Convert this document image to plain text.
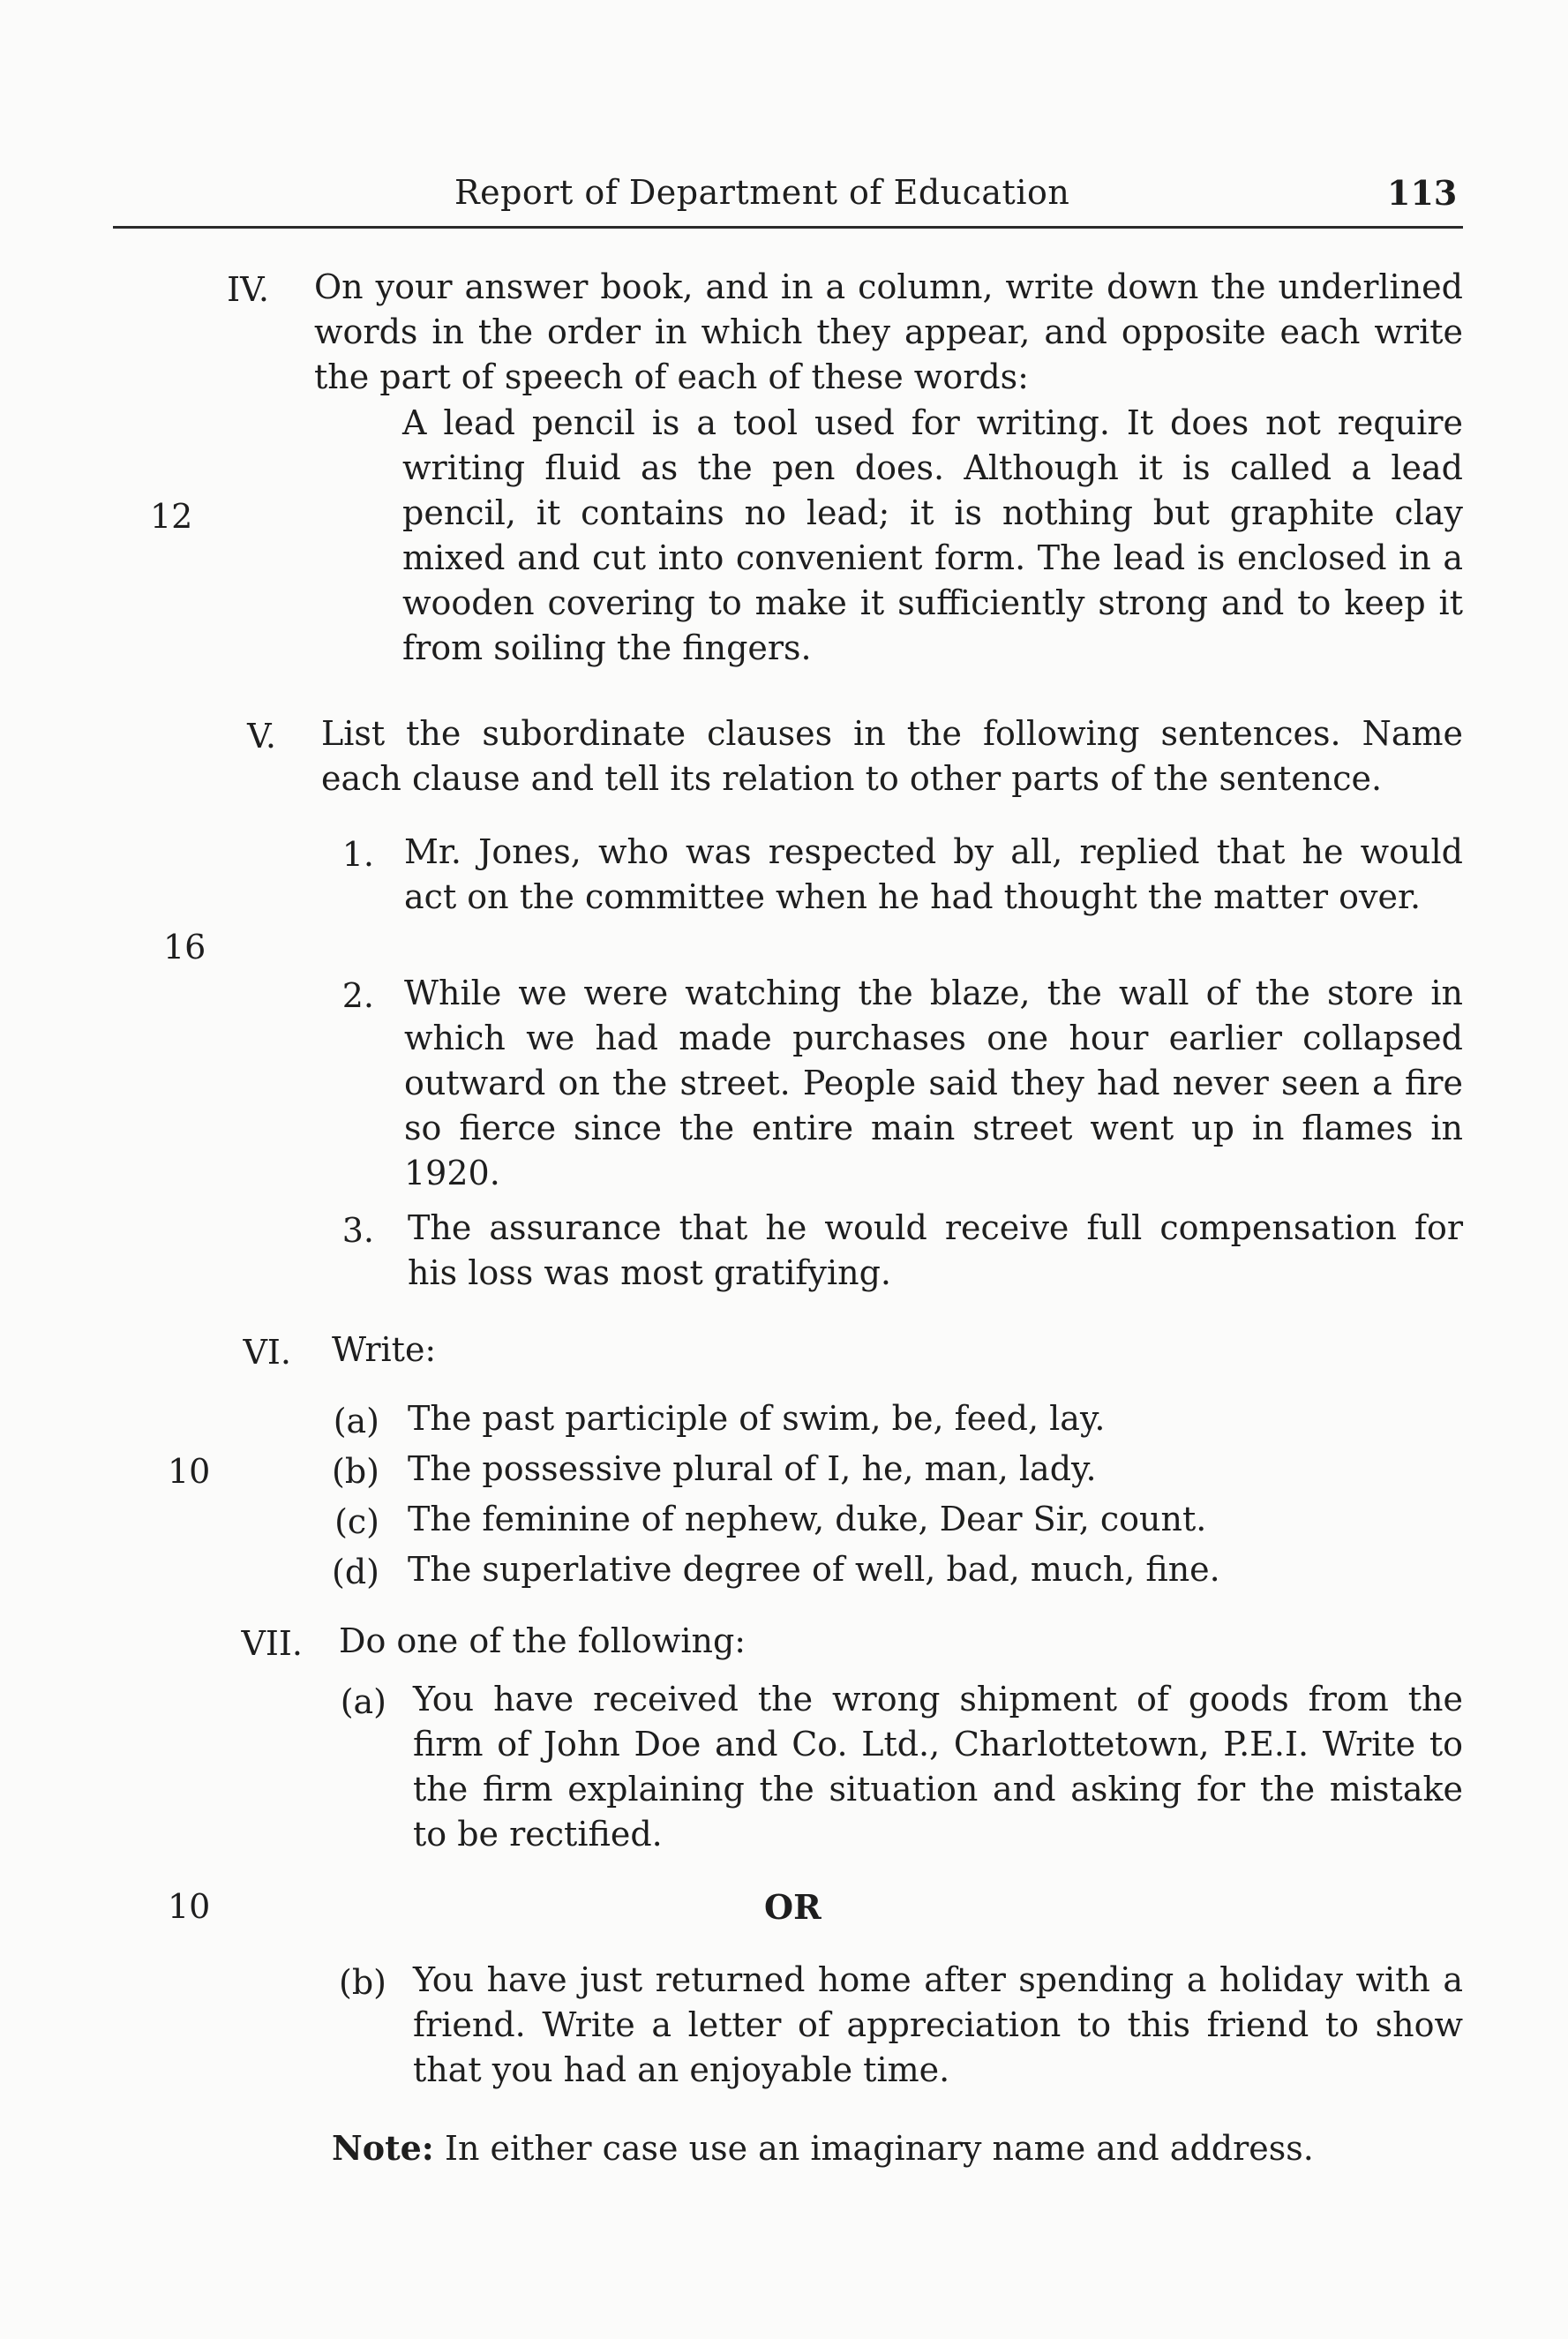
Report of Department of Education	113
IV. On your answer book, and in a column, write down the underlined words in the order in which they appear, and opposite each write the part of speech of each of these words:
12
A lead pencil is a tool used for writing. It does not require writing fluid as the pen does. Although it is called a lead pencil, it contains no lead; it is nothing but graphite clay mixed and cut into convenient form. The lead is enclosed in a wooden covering to make it sufficiently strong and to keep it from soiling the fingers.
V. List the subordinate clauses in the following sentences. Name each clause and tell its relation to other parts of the sentence.
16
1. Mr. Jones, who was respected by all, replied that he would act on the committee when he had thought the matter over.
2. While we were watching the blaze, the wall of the store in which we had made purchases one hour earlier collapsed outward on the street. People said they had never seen a fire so fierce since the entire main street went up in flames in 1920.
3. The assurance that he would receive full compensation for his loss was most gratifying.
VI. Write:
10
(a) The past participle of swim, be, feed, lay.
(b) The possessive plural of I, he, man, lady.
(c) The feminine of nephew, duke, Dear Sir, count.
(d) The superlative degree of well, bad, much, fine.
VII. Do one of the following:
(a) You have received the wrong shipment of goods from the firm of John Doe and Co. Ltd., Charlottetown, P.E.I. Write to the firm explaining the situation and asking for the mistake to be rectified.
10	OR
(b) You have just returned home after spending a holiday with a friend. Write a letter of appreciation to this friend to show that you had an enjoyable time.
Note: In either case use an imaginary name and address.
